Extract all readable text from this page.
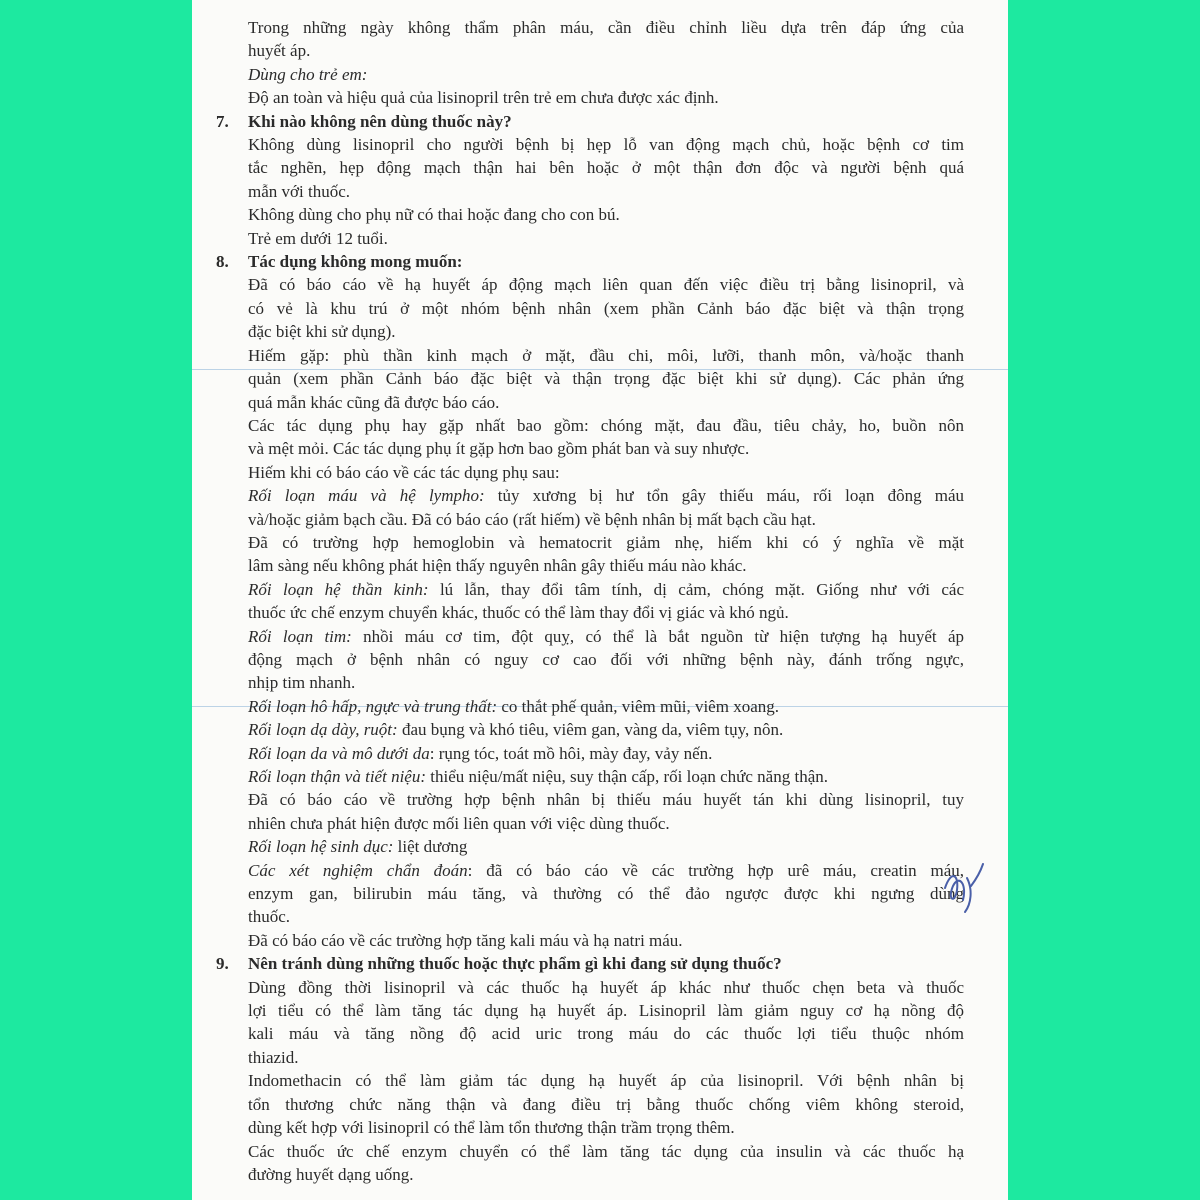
Trong những ngày không thẩm phân máu, cần điều chỉnh liều dựa trên đáp ứng của
huyết áp.
Dùng cho trẻ em:
Độ an toàn và hiệu quả của lisinopril trên trẻ em chưa được xác định.
7. Khi nào không nên dùng thuốc này?
Không dùng lisinopril cho người bệnh bị hẹp lỗ van động mạch chủ, hoặc bệnh cơ tim
tắc nghẽn, hẹp động mạch thận hai bên hoặc ở một thận đơn độc và người bệnh quá
mẫn với thuốc.
Không dùng cho phụ nữ có thai hoặc đang cho con bú.
Trẻ em dưới 12 tuổi.
8. Tác dụng không mong muốn:
Đã có báo cáo về hạ huyết áp động mạch liên quan đến việc điều trị bằng lisinopril, và
có vẻ là khu trú ở một nhóm bệnh nhân (xem phần Cảnh báo đặc biệt và thận trọng
đặc biệt khi sử dụng).
Hiếm gặp: phù thần kinh mạch ở mặt, đầu chi, môi, lưỡi, thanh môn, và/hoặc thanh
quản (xem phần Cảnh báo đặc biệt và thận trọng đặc biệt khi sử dụng). Các phản ứng
quá mẫn khác cũng đã được báo cáo.
Các tác dụng phụ hay gặp nhất bao gồm: chóng mặt, đau đầu, tiêu chảy, ho, buồn nôn
và mệt mỏi. Các tác dụng phụ ít gặp hơn bao gồm phát ban và suy nhược.
Hiếm khi có báo cáo về các tác dụng phụ sau:
Rối loạn máu và hệ lympho: tủy xương bị hư tổn gây thiếu máu, rối loạn đông máu
và/hoặc giảm bạch cầu. Đã có báo cáo (rất hiếm) về bệnh nhân bị mất bạch cầu hạt.
Đã có trường hợp hemoglobin và hematocrit giảm nhẹ, hiếm khi có ý nghĩa về mặt
lâm sàng nếu không phát hiện thấy nguyên nhân gây thiếu máu nào khác.
Rối loạn hệ thần kinh: lú lẫn, thay đổi tâm tính, dị cảm, chóng mặt. Giống như với các
thuốc ức chế enzym chuyển khác, thuốc có thể làm thay đổi vị giác và khó ngủ.
Rối loạn tim: nhồi máu cơ tim, đột quỵ, có thể là bắt nguồn từ hiện tượng hạ huyết áp
động mạch ở bệnh nhân có nguy cơ cao đối với những bệnh này, đánh trống ngực,
nhịp tim nhanh.
Rối loạn hô hấp, ngực và trung thất: co thắt phế quản, viêm mũi, viêm xoang.
Rối loạn dạ dày, ruột: đau bụng và khó tiêu, viêm gan, vàng da, viêm tụy, nôn.
Rối loạn da và mô dưới da: rụng tóc, toát mồ hôi, mày đay, vảy nến.
Rối loạn thận và tiết niệu: thiểu niệu/mất niệu, suy thận cấp, rối loạn chức năng thận.
Đã có báo cáo về trường hợp bệnh nhân bị thiếu máu huyết tán khi dùng lisinopril, tuy
nhiên chưa phát hiện được mối liên quan với việc dùng thuốc.
Rối loạn hệ sinh dục: liệt dương
Các xét nghiệm chẩn đoán: đã có báo cáo về các trường hợp urê máu, creatin máu,
enzym gan, bilirubin máu tăng, và thường có thể đảo ngược được khi ngưng dùng
thuốc.
Đã có báo cáo về các trường hợp tăng kali máu và hạ natri máu.
9. Nên tránh dùng những thuốc hoặc thực phẩm gì khi đang sử dụng thuốc?
Dùng đồng thời lisinopril và các thuốc hạ huyết áp khác như thuốc chẹn beta và thuốc
lợi tiểu có thể làm tăng tác dụng hạ huyết áp. Lisinopril làm giảm nguy cơ hạ nồng độ
kali máu và tăng nồng độ acid uric trong máu do các thuốc lợi tiểu thuộc nhóm
thiazid.
Indomethacin có thể làm giảm tác dụng hạ huyết áp của lisinopril. Với bệnh nhân bị
tổn thương chức năng thận và đang điều trị bằng thuốc chống viêm không steroid,
dùng kết hợp với lisinopril có thể làm tổn thương thận trầm trọng thêm.
Các thuốc ức chế enzym chuyển có thể làm tăng tác dụng của insulin và các thuốc hạ
đường huyết dạng uống.
